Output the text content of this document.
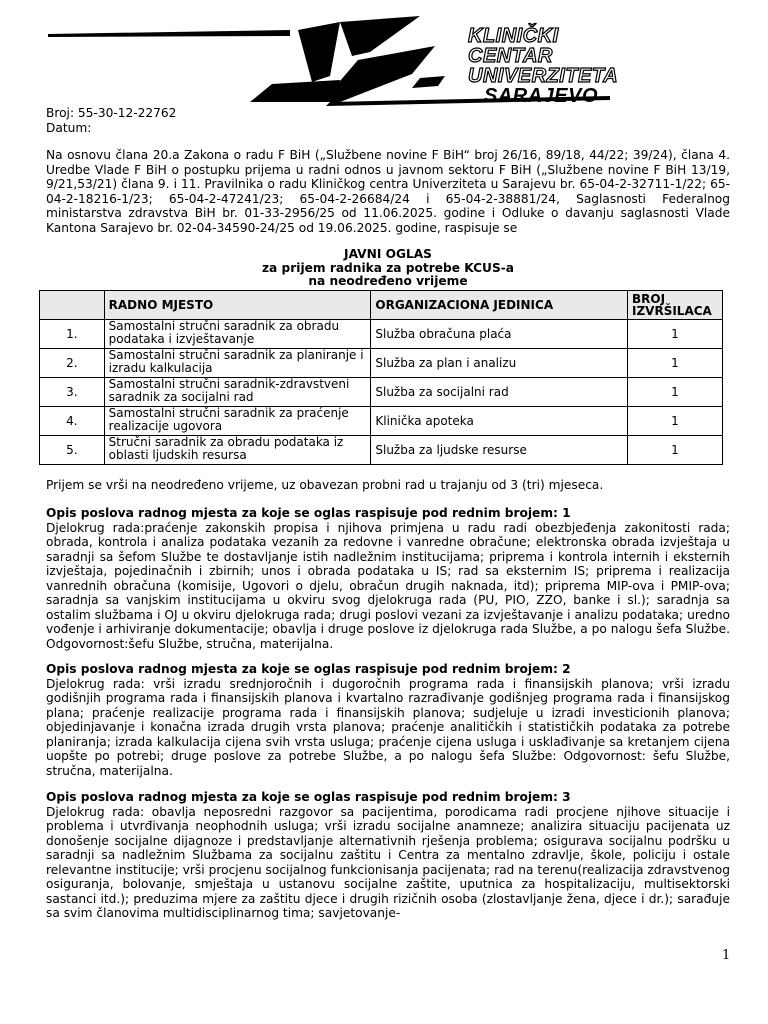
KLINIČKI
CENTAR
UNIVERZITETA
SARAJEVO
Broj: 55-30-12-22762
Datum:
Na osnovu člana 20.a Zakona o radu F BiH („Službene novine F BiH“ broj 26/16, 89/18, 44/22; 39/24), člana 4. Uredbe Vlade F BiH o postupku prijema u radni odnos u javnom sektoru F BiH („Službene novine F BiH 13/19, 9/21,53/21) člana 9. i 11. Pravilnika o radu Kliničkog centra Univerziteta u Sarajevu br. 65-04-2-32711-1/22; 65-04-2-18216-1/23; 65-04-2-47241/23; 65-04-2-26684/24 i 65-04-2-38881/24, Saglasnosti Federalnog ministarstva zdravstva BiH br. 01-33-2956/25 od 11.06.2025. godine i Odluke o davanju saglasnosti Vlade Kantona Sarajevo br. 02-04-34590-24/25 od 19.06.2025. godine, raspisuje se
JAVNI OGLAS
za prijem radnika za potrebe KCUS-a
na neodređeno vrijeme
	RADNO MJESTO	ORGANIZACIONA JEDINICA	BROJ IZVRŠILACA
1.	Samostalni stručni saradnik za obradu podataka i izvještavanje	Služba obračuna plaća	1
2.	Samostalni stručni saradnik za planiranje i izradu kalkulacija	Služba za plan i analizu	1
3.	Samostalni stručni saradnik-zdravstveni saradnik za socijalni rad	Služba za socijalni rad	1
4.	Samostalni stručni saradnik za praćenje realizacije ugovora	Klinička apoteka	1
5.	Stručni saradnik za obradu podataka iz oblasti ljudskih resursa	Služba za ljudske resurse	1
Prijem se vrši na neodređeno vrijeme, uz obavezan probni rad u trajanju od 3 (tri) mjeseca.
Opis poslova radnog mjesta za koje se oglas raspisuje pod rednim brojem: 1
Djelokrug rada:praćenje zakonskih propisa i njihova primjena u radu radi obezbjeđenja zakonitosti rada; obrada, kontrola i analiza podataka vezanih za redovne i vanredne obračune; elektronska obrada izvještaja u saradnji sa šefom Službe te dostavljanje istih nadležnim institucijama; priprema i kontrola internih i eksternih izvještaja, pojedinačnih i zbirnih; unos i obrada podataka u IS; rad sa eksternim IS; priprema i realizacija vanrednih obračuna (komisije, Ugovori o djelu, obračun drugih naknada, itd); priprema MIP-ova i PMIP-ova; saradnja sa vanjskim institucijama u okviru svog djelokruga rada (PU, PIO, ZZO, banke i sl.); saradnja sa ostalim službama i OJ u okviru djelokruga rada; drugi poslovi vezani za izvještavanje i analizu podataka; uredno vođenje i arhiviranje dokumentacije; obavlja i druge poslove iz djelokruga rada Službe, a po nalogu šefa Službe. Odgovornost:šefu Službe, stručna, materijalna.
Opis poslova radnog mjesta za koje se oglas raspisuje pod rednim brojem: 2
Djelokrug rada: vrši izradu srednjoročnih i dugoročnih programa rada i finansijskih planova; vrši izradu godišnjih programa rada i finansijskih planova i kvartalno razrađivanje godišnjeg programa rada i finansijskog plana; praćenje realizacije programa rada i finansijskih planova; sudjeluje u izradi investicionih planova; objedinjavanje i konačna izrada drugih vrsta planova; praćenje analitičkih i statističkih podataka za potrebe planiranja; izrada kalkulacija cijena svih vrsta usluga; praćenje cijena usluga i usklađivanje sa kretanjem cijena uopšte po potrebi; druge poslove za potrebe Službe, a po nalogu šefa Službe: Odgovornost: šefu Službe, stručna, materijalna.
Opis poslova radnog mjesta za koje se oglas raspisuje pod rednim brojem: 3
Djelokrug rada: obavlja neposredni razgovor sa pacijentima, porodicama radi procjene njihove situacije i problema i utvrđivanja neophodnih usluga; vrši izradu socijalne anamneze; analizira situaciju pacijenata uz donošenje socijalne dijagnoze i predstavljanje alternativnih rješenja problema; osigurava socijalnu podršku u saradnji sa nadležnim Službama za socijalnu zaštitu i Centra za mentalno zdravlje, škole, policiju i ostale relevantne institucije; vrši procjenu socijalnog funkcionisanja pacijenata; rad na terenu(realizacija zdravstvenog osiguranja, bolovanje, smještaja u ustanovu socijalne zaštite, uputnica za hospitalizaciju, multisektorski sastanci itd.); preduzima mjere za zaštitu djece i drugih rizičnih osoba (zlostavljanje žena, djece i dr.); sarađuje sa svim članovima multidisciplinarnog tima; savjetovanje-
1
